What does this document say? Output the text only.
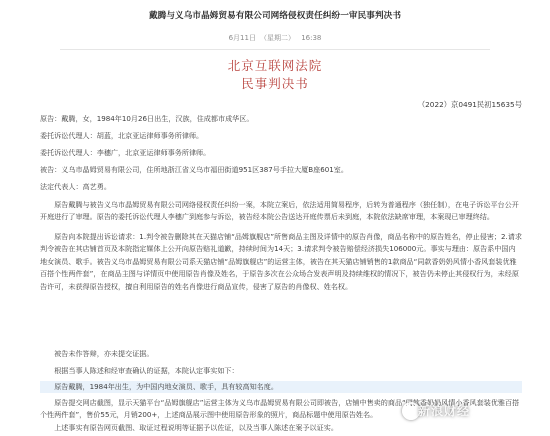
戴腾与义乌市晶姆贸易有限公司网络侵权责任纠纷一审民事判决书
6月11日 （星期二） 16:38
北京互联网法院
民事判决书
（2022）京0491民初15635号
原告：戴腾，女，1984年10月26日出生，汉族，住成都市成华区。
委托诉讼代理人：胡蓝，北京亚运律师事务所律师。
委托诉讼代理人：李穗广，北京亚运律师事务所律师。
被告：义乌市晶姆贸易有限公司，住所地浙江省义乌市福田街道951区387号手拉大厦B座601室。
法定代表人：高艺勇。
原告戴腾与被告义乌市晶姆贸易有限公司网络侵权责任纠纷一案，本院立案后，依法适用简易程序，后转为普通程序（独任制），在电子诉讼平台公开开庭进行了审理。原告的委托诉讼代理人李穗广到庭参与诉讼，被告经本院公告送达开庭传票后未到庭，本院依法缺席审理，本案现已审理终结。
原告向本院提出诉讼请求：1.判令被告删除其在天猫店铺“品姆旗舰店”所售商品主图及详情中的原告肖像，商品名称中的原告姓名，停止侵害；2.请求判令被告在其店铺首页及本院指定媒体上公开向原告赔礼道歉，持续时间为14天；3.请求判令被告赔偿经济损失106000元。事实与理由：原告系中国内地女演员、歌手。被告义乌市晶姆贸易有限公司系天猫店铺“品姆旗舰店”的运营主体，被告在其天猫店铺销售的1款商品“同款香奶奶风情小香风套装优雅百搭个性两件套”，在商品主图与详情页中使用原告肖像及姓名，于原告多次在公众场合发表声明及持续维权的情况下，被告仍未停止其侵权行为，未经原告许可，未获得原告授权，擅自利用原告的姓名肖像进行商品宣传，侵害了原告的肖像权、姓名权。
被告未作答辩，亦未提交证据。
根据当事人陈述和经审查确认的证据，本院认定事实如下：
原告戴腾，1984年出生，为中国内地女演员、歌手，具有较高知名度。
原告提交网店截图，显示天猫平台“品姆旗舰店”运营主体为义乌市晶姆贸易有限公司即被告，店铺中售卖的商品“同款香奶奶风情小香风套装优雅百搭个性两件套”，售价55元，月销200+，上述商品展示图中使用原告形象的照片，商品标题中使用原告姓名。
上述事实有原告网页截图、取证过程说明等证据予以佐证，以及当事人陈述在案予以证实。
新浪财经
